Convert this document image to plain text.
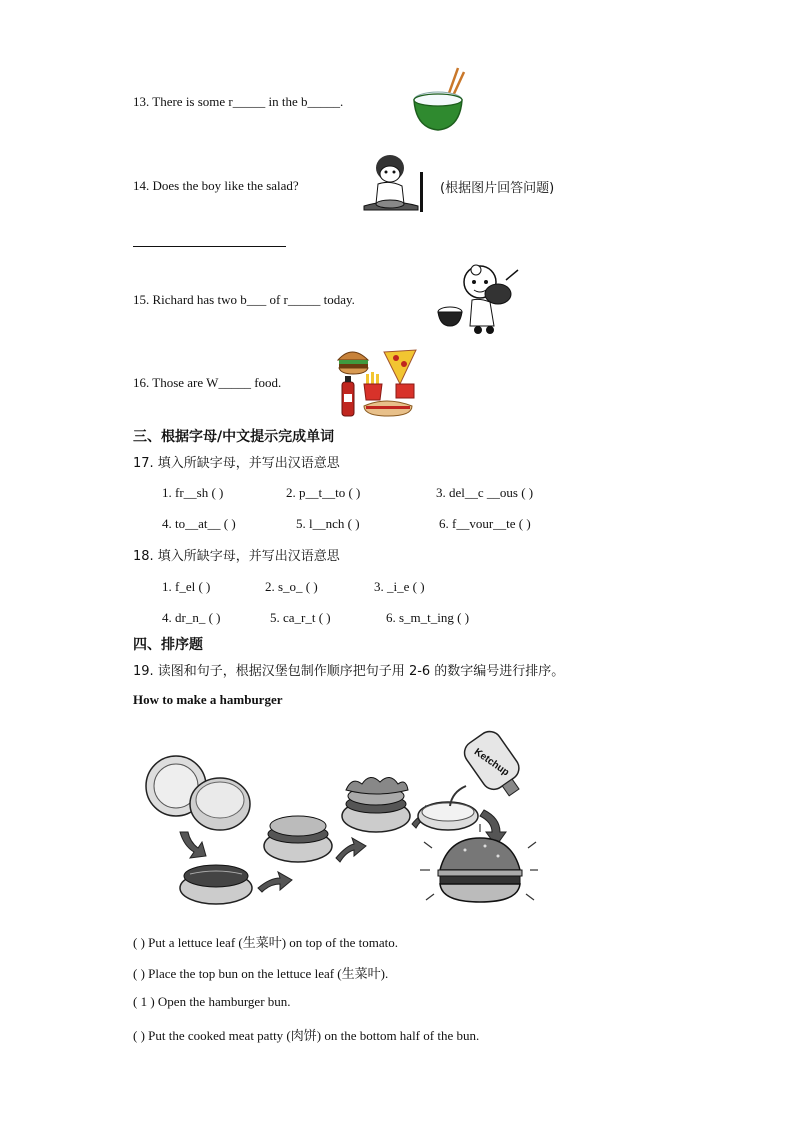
13. There is some r_____ in the b_____.
14. Does the boy like the salad?	(根据图片回答问题)
15. Richard has two b___ of r_____ today.
16. Those are W_____ food.
三、根据字母/中文提示完成单词
17. 填入所缺字母，并写出汉语意思
1. fr__sh ( )	2. p__t__to ( )	3. del__c __ous ( )
4. to__at__ ( )	5. l__nch ( )	6. f__vour__te ( )
18. 填入所缺字母，并写出汉语意思
1. f_el ( )	2. s_o_ ( )	3. _i_e ( )
4. dr_n_ ( )	5. ca_r_t ( )	6. s_m_t_ing ( )
四、排序题
19. 读图和句子，根据汉堡包制作顺序把句子用 2-6 的数字编号进行排序。
How to make a hamburger
Ketchup
( ) Put a lettuce leaf (生菜叶) on top of the tomato.
( ) Place the top bun on the lettuce leaf (生菜叶).
( 1 ) Open the hamburger bun.
( ) Put the cooked meat patty (肉饼) on the bottom half of the bun.
